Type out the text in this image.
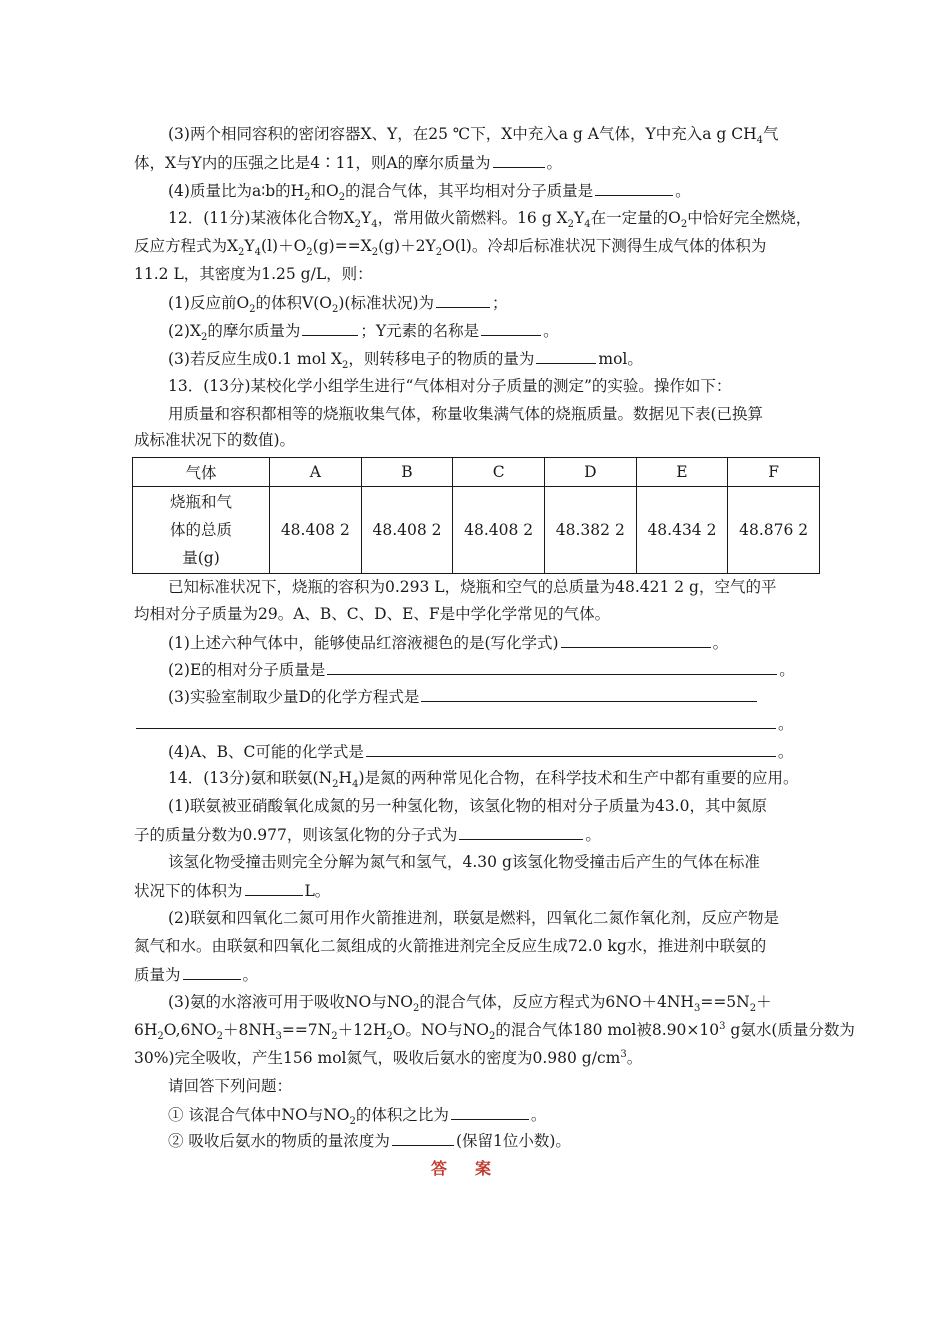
(3)两个相同容积的密闭容器X、Y，在25 ℃下，X中充入a g A气体，Y中充入a g $CH_4$气
体，X与Y内的压强之比是4∶11，则A的摩尔质量为	。
(4)质量比为a∶b的$H_2$和$O_2$的混合气体，其平均相对分子质量是	。
12．(11分)某液体化合物$X_2Y_4$，常用做火箭燃料。16 g $X_2Y_4$在一定量的$O_2$中恰好完全燃烧，
反应方程式为$X_2Y_4(l)+O_2(g)==X_2(g)+2Y_2O(l)$。冷却后标准状况下测得生成气体的体积为
11.2 L，其密度为1.25 g/L，则：
(1)反应前$O_2$的体积$V(O_2)$(标准状况)为	；
$(2)X_2$的摩尔质量为	；Y元素的名称是	。
(3)若反应生成0.1 mol $X_2$，则转移电子的物质的量为	mol。
13．(13分)某校化学小组学生进行“气体相对分子质量的测定”的实验。操作如下：
用质量和容积都相等的烧瓶收集气体，称量收集满气体的烧瓶质量。数据见下表(已换算
成标准状况下的数值)。
气体	A	B	C	D	E	F

烧瓶和气
体的总质
量(g)	48.408 2	48.408 2	48.408 2	48.382 2	48.434 2	48.876 2
已知标准状况下，烧瓶的容积为0.293 L，烧瓶和空气的总质量为48.421 2 g，空气的平
均相对分子质量为29。A、B、C、D、E、F是中学化学常见的气体。
(1)上述六种气体中，能够使品红溶液褪色的是(写化学式)	。
(2)E的相对分子质量是	。
(3)实验室制取少量D的化学方程式是
。
(4)A、B、C可能的化学式是	。
14．(13分)氨和联氨$(N_2H_4)$是氮的两种常见化合物，在科学技术和生产中都有重要的应用。
(1)联氨被亚硝酸氧化成氮的另一种氢化物，该氢化物的相对分子质量为43.0，其中氮原
子的质量分数为0.977，则该氢化物的分子式为	。
该氢化物受撞击则完全分解为氮气和氢气，4.30 g该氢化物受撞击后产生的气体在标准
状况下的体积为	L。
(2)联氨和四氧化二氮可用作火箭推进剂，联氨是燃料，四氧化二氮作氧化剂，反应产物是
氮气和水。由联氨和四氧化二氮组成的火箭推进剂完全反应生成72.0 kg水，推进剂中联氨的
质量为	。
(3)氨的水溶液可用于吸收NO与$NO_2$的混合气体，反应方程式为$6NO+4NH_3==5N_2+$
$6H_2O,6NO_2+8NH_3==7N_2+12H_2O$。NO与$NO_2$的混合气体180 mol被$8.90\times 10^3$ g氨水(质量分数为
30%)完全吸收，产生156 mol氮气，吸收后氨水的密度为0.980 $g/cm^3$。
请回答下列问题：
① 该混合气体中NO与$NO_2$的体积之比为	。
② 吸收后氨水的物质的量浓度为	(保留1位小数)。
答案
